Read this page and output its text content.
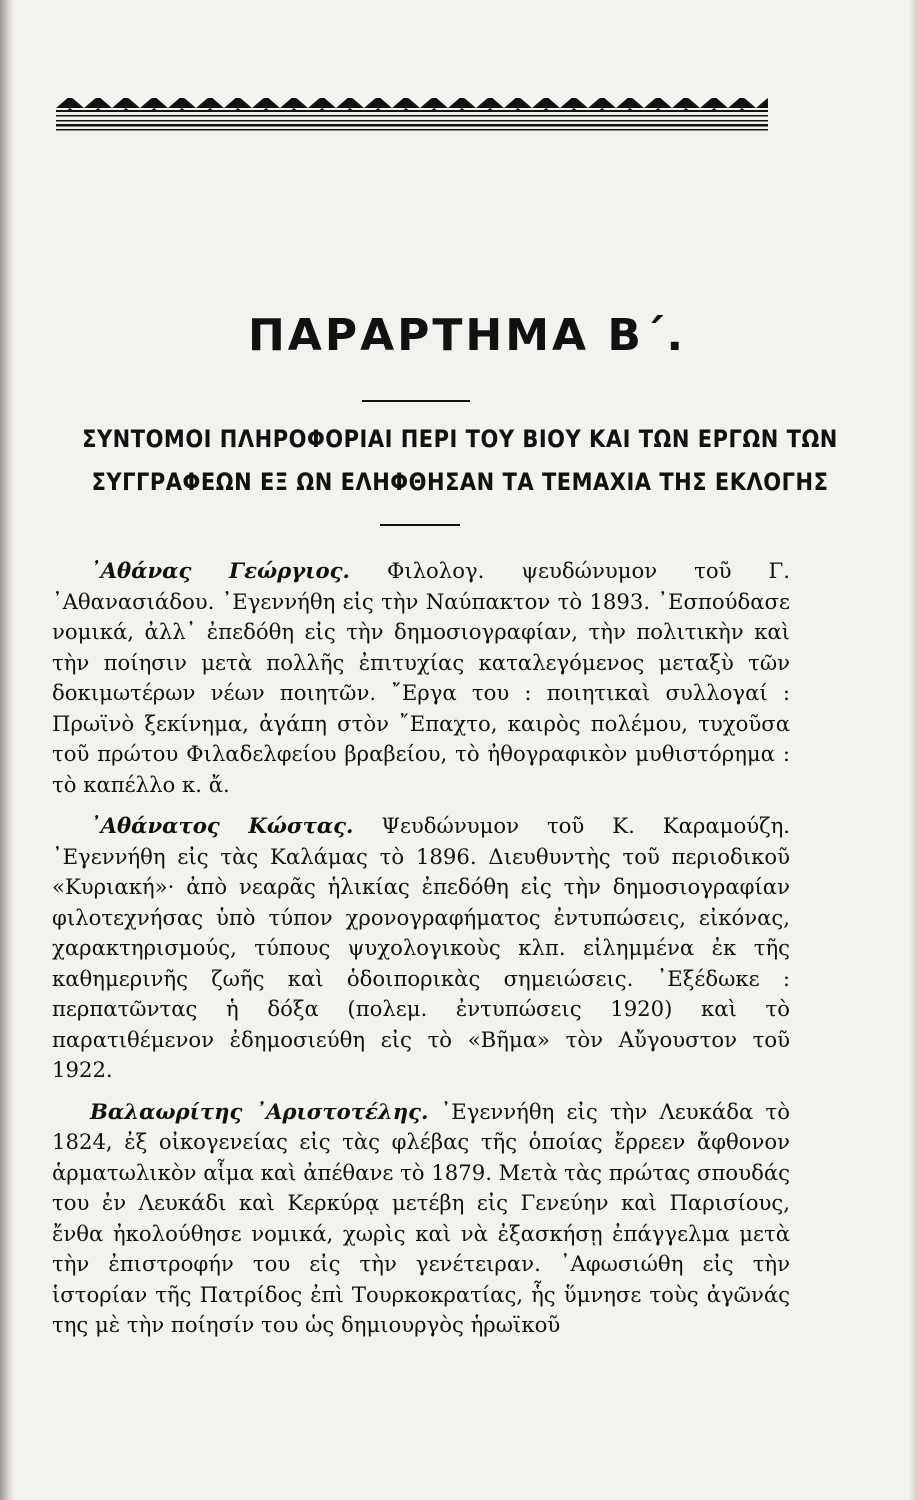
ΠΑΡΑΡΤΗΜΑ Β΄.
ΣΥΝΤΟΜΟΙ ΠΛΗΡΟΦΟΡΙΑΙ ΠΕΡΙ ΤΟΥ ΒΙΟΥ ΚΑΙ ΤΩΝ ΕΡΓΩΝ ΤΩΝ
ΣΥΓΓΡΑΦΕΩΝ ΕΞ ΩΝ ΕΛΗΦΘΗΣΑΝ ΤΑ ΤΕΜΑΧΙΑ ΤΗΣ ΕΚΛΟΓΗΣ

᾿Αθάνας Γεώργιος. Φιλολογ. ψευδώνυμον τοῦ Γ. ᾿Αθανασιάδου. ᾿Εγεννήθη εἰς τὴν Ναύπακτον τὸ 1893. ᾿Εσπούδασε νομικά, ἀλλ᾿ ἐπεδόθη εἰς τὴν δημοσιογραφίαν, τὴν πολιτικὴν καὶ τὴν ποίησιν μετὰ πολλῆς ἐπιτυχίας καταλεγόμενος μεταξὺ τῶν δοκιμωτέρων νέων ποιητῶν. ῎Εργα του : ποιητικαὶ συλλογαί : Πρωϊνὸ ξεκίνημα, ἀγάπη στὸν ῎Επαχτο, καιρὸς πολέμου, τυχοῦσα τοῦ πρώτου Φιλαδελφείου βραβείου, τὸ ἠθογραφικὸν μυθιστόρημα : τὸ καπέλλο κ. ἄ.

᾿Αθάνατος Κώστας. Ψευδώνυμον τοῦ Κ. Καραμούζη. ᾿Εγεννήθη εἰς τὰς Καλάμας τὸ 1896. Διευθυντὴς τοῦ περιοδικοῦ «Κυριακή»· ἀπὸ νεαρᾶς ἡλικίας ἐπεδόθη εἰς τὴν δημοσιογραφίαν φιλοτεχνήσας ὑπὸ τύπον χρονογραφήματος ἐντυπώσεις, εἰκόνας, χαρακτηρισμούς, τύπους ψυχολογικοὺς κλπ. εἰλημμένα ἐκ τῆς καθημερινῆς ζωῆς καὶ ὁδοιπορικὰς σημειώσεις. ᾿Εξέδωκε : περπατῶντας ἡ δόξα (πολεμ. ἐντυπώσεις 1920) καὶ τὸ παρατιθέμενον ἐδημοσιεύθη εἰς τὸ «Βῆμα» τὸν Αὔγουστον τοῦ 1922.

Βαλαωρίτης ᾿Αριστοτέλης. ᾿Εγεννήθη εἰς τὴν Λευκάδα τὸ 1824, ἐξ οἰκογενείας εἰς τὰς φλέβας τῆς ὁποίας ἔρρεεν ἄφθονον ἁρματωλικὸν αἷμα καὶ ἀπέθανε τὸ 1879. Μετὰ τὰς πρώτας σπουδάς του ἐν Λευκάδι καὶ Κερκύρᾳ μετέβη εἰς Γενεύην καὶ Παρισίους, ἔνθα ἠκολούθησε νομικά, χωρὶς καὶ νὰ ἐξασκήσῃ ἐπάγγελμα μετὰ τὴν ἐπιστροφήν του εἰς τὴν γενέτειραν. ᾿Αφωσιώθη εἰς τὴν ἱστορίαν τῆς Πατρίδος ἐπὶ Τουρκοκρατίας, ἧς ὕμνησε τοὺς ἀγῶνάς της μὲ τὴν ποίησίν του ὡς δημιουργὸς ἡρωϊκοῦ
